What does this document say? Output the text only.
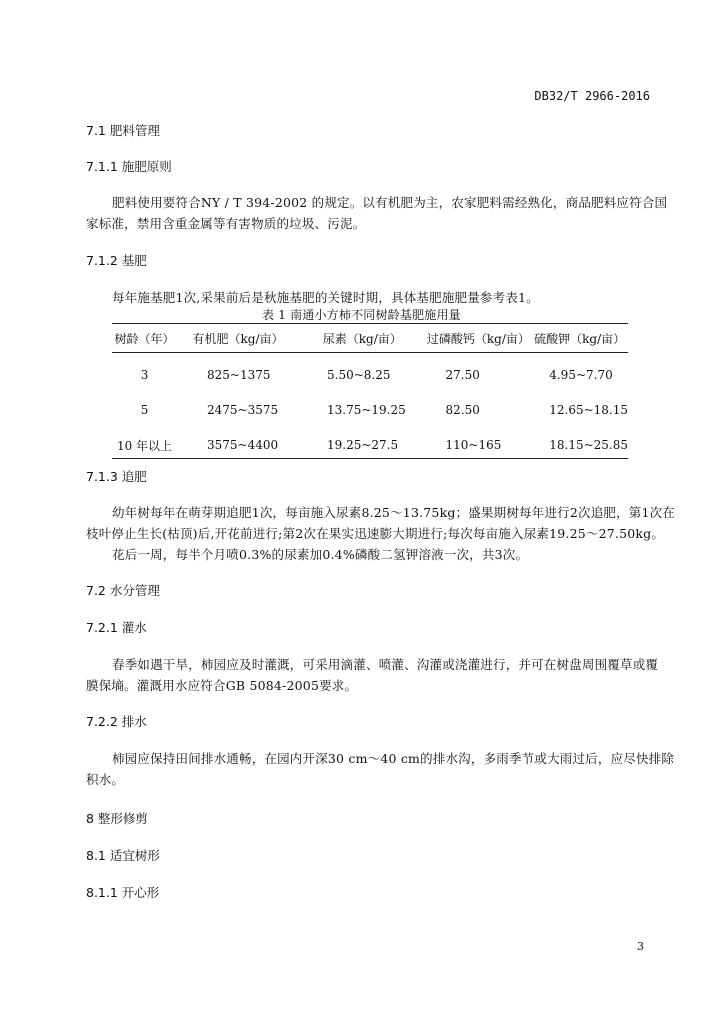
DB32/T 2966-2016
7.1 肥料管理
7.1.1 施肥原则
肥料使用要符合NY / T 394-2002 的规定。以有机肥为主，农家肥料需经熟化，商品肥料应符合国
家标准，禁用含重金属等有害物质的垃圾、污泥。
7.1.2 基肥
每年施基肥1次,采果前后是秋施基肥的关键时期，具体基肥施肥量参考表1。
表 1 南通小方柿不同树龄基肥施用量
树龄（年）	有机肥（kg/亩）	尿素（kg/亩）	过磷酸钙（kg/亩）	硫酸钾（kg/亩）

3	825~1375	5.50~8.25	27.50	4.95~7.70

5	2475~3575	13.75~19.25	82.50	12.65~18.15

10 年以上	3575~4400	19.25~27.5	110~165	18.15~25.85
7.1.3 追肥
幼年树每年在萌芽期追肥1次，每亩施入尿素8.25～13.75kg；盛果期树每年进行2次追肥，第1次在
枝叶停止生长(枯顶)后,开花前进行;第2次在果实迅速膨大期进行;每次每亩施入尿素19.25～27.50kg。
花后一周，每半个月喷0.3%的尿素加0.4%磷酸二氢钾溶液一次，共3次。
7.2 水分管理
7.2.1 灌水
春季如遇干旱，柿园应及时灌溉，可采用滴灌、喷灌、沟灌或浇灌进行，并可在树盘周围覆草或覆
膜保墒。灌溉用水应符合GB 5084-2005要求。
7.2.2 排水
柿园应保持田间排水通畅，在园内开深30 cm～40 cm的排水沟，多雨季节或大雨过后，应尽快排除
积水。
8 整形修剪
8.1 适宜树形
8.1.1 开心形
3
